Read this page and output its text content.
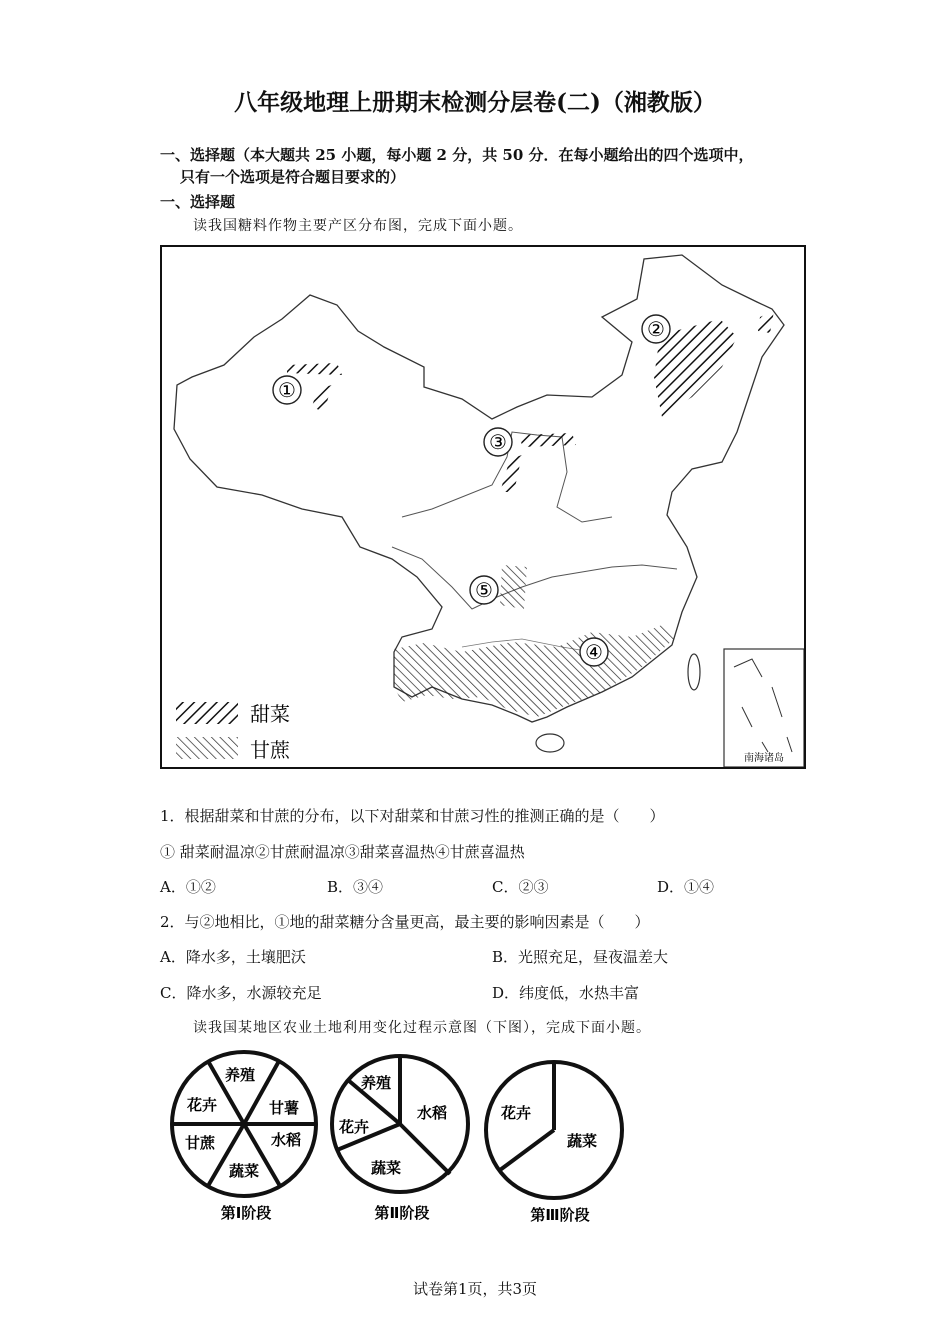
八年级地理上册期末检测分层卷(二)（湘教版）
一、选择题（本大题共 25 小题，每小题 2 分，共 50 分．在每小题给出的四个选项中，
只有一个选项是符合题目要求的）
一、选择题
读我国糖料作物主要产区分布图，完成下面小题。
①
②
③
④
⑤
甜菜
甘蔗	南海诸岛
1．根据甜菜和甘蔗的分布，以下对甜菜和甘蔗习性的推测正确的是（　　）
① 甜菜耐温凉②甘蔗耐温凉③甜菜喜温热④甘蔗喜温热
A．①②	B．③④	C．②③	D．①④
2．与②地相比，①地的甜菜糖分含量更高，最主要的影响因素是（　　）
A．降水多，土壤肥沃	B．光照充足，昼夜温差大
C．降水多，水源较充足	D．纬度低，水热丰富
读我国某地区农业土地利用变化过程示意图（下图），完成下面小题。
养殖
甘薯
水稻
蔬菜
甘蔗
花卉
第Ⅰ阶段
养殖
水稻
蔬菜
花卉
第Ⅱ阶段
花卉
蔬菜
第Ⅲ阶段
试卷第1页，共3页
